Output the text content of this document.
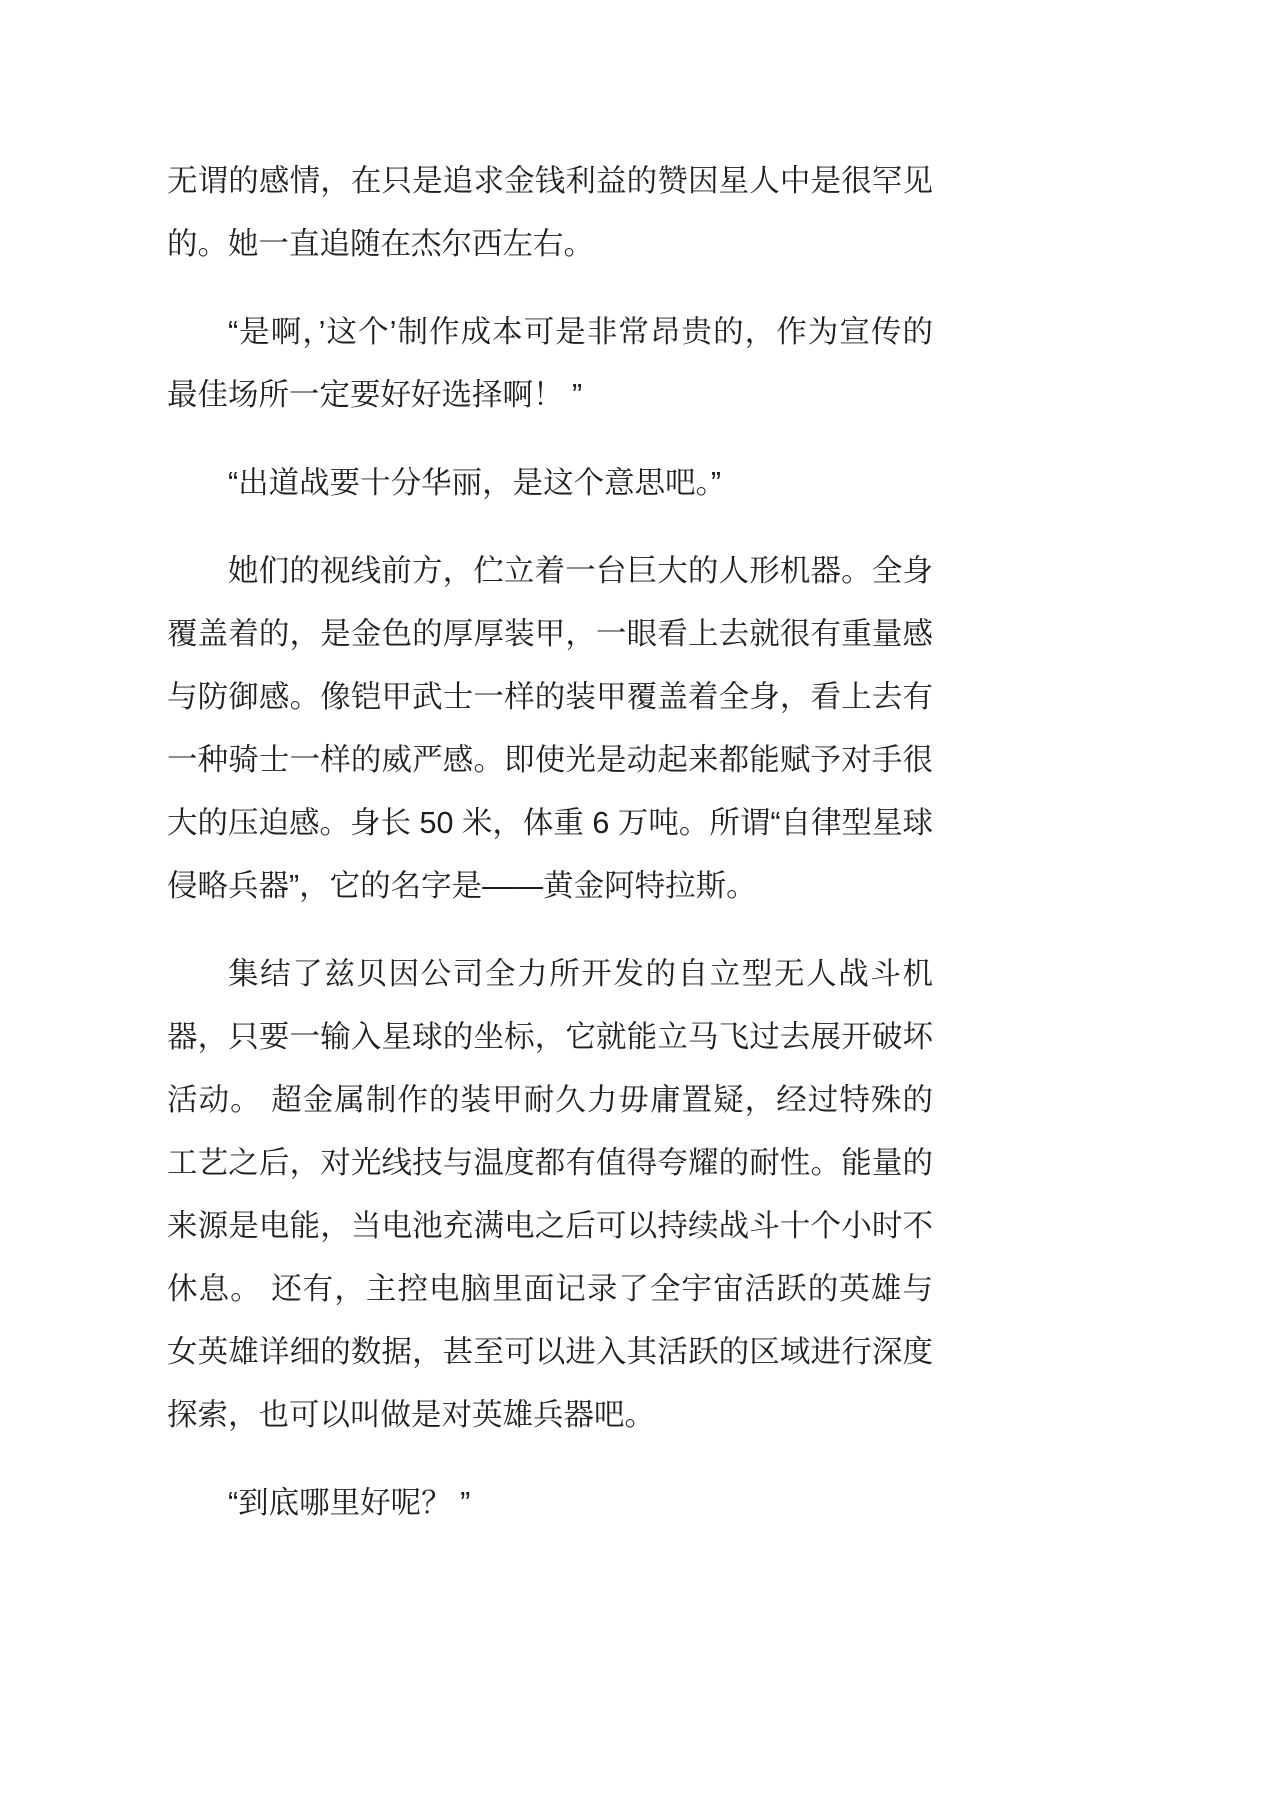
无谓的感情，在只是追求金钱利益的赞因星人中是很罕见的。她一直追随在杰尔西左右。

“是啊，’这个’制作成本可是非常昂贵的，作为宣传的最佳场所一定要好好选择啊！ ”

“出道战要十分华丽，是这个意思吧。”

她们的视线前方，伫立着一台巨大的人形机器。全身覆盖着的，是金色的厚厚装甲，一眼看上去就很有重量感与防御感。像铠甲武士一样的装甲覆盖着全身，看上去有一种骑士一样的威严感。即使光是动起来都能赋予对手很大的压迫感。身长 50 米，体重 6 万吨。所谓“自律型星球侵略兵器”，它的名字是——黄金阿特拉斯。

集结了兹贝因公司全力所开发的自立型无人战斗机器，只要一输入星球的坐标，它就能立马飞过去展开破坏活动。 超金属制作的装甲耐久力毋庸置疑，经过特殊的工艺之后，对光线技与温度都有值得夸耀的耐性。能量的来源是电能，当电池充满电之后可以持续战斗十个小时不休息。 还有，主控电脑里面记录了全宇宙活跃的英雄与女英雄详细的数据，甚至可以进入其活跃的区域进行深度探索，也可以叫做是对英雄兵器吧。

“到底哪里好呢？ ”
